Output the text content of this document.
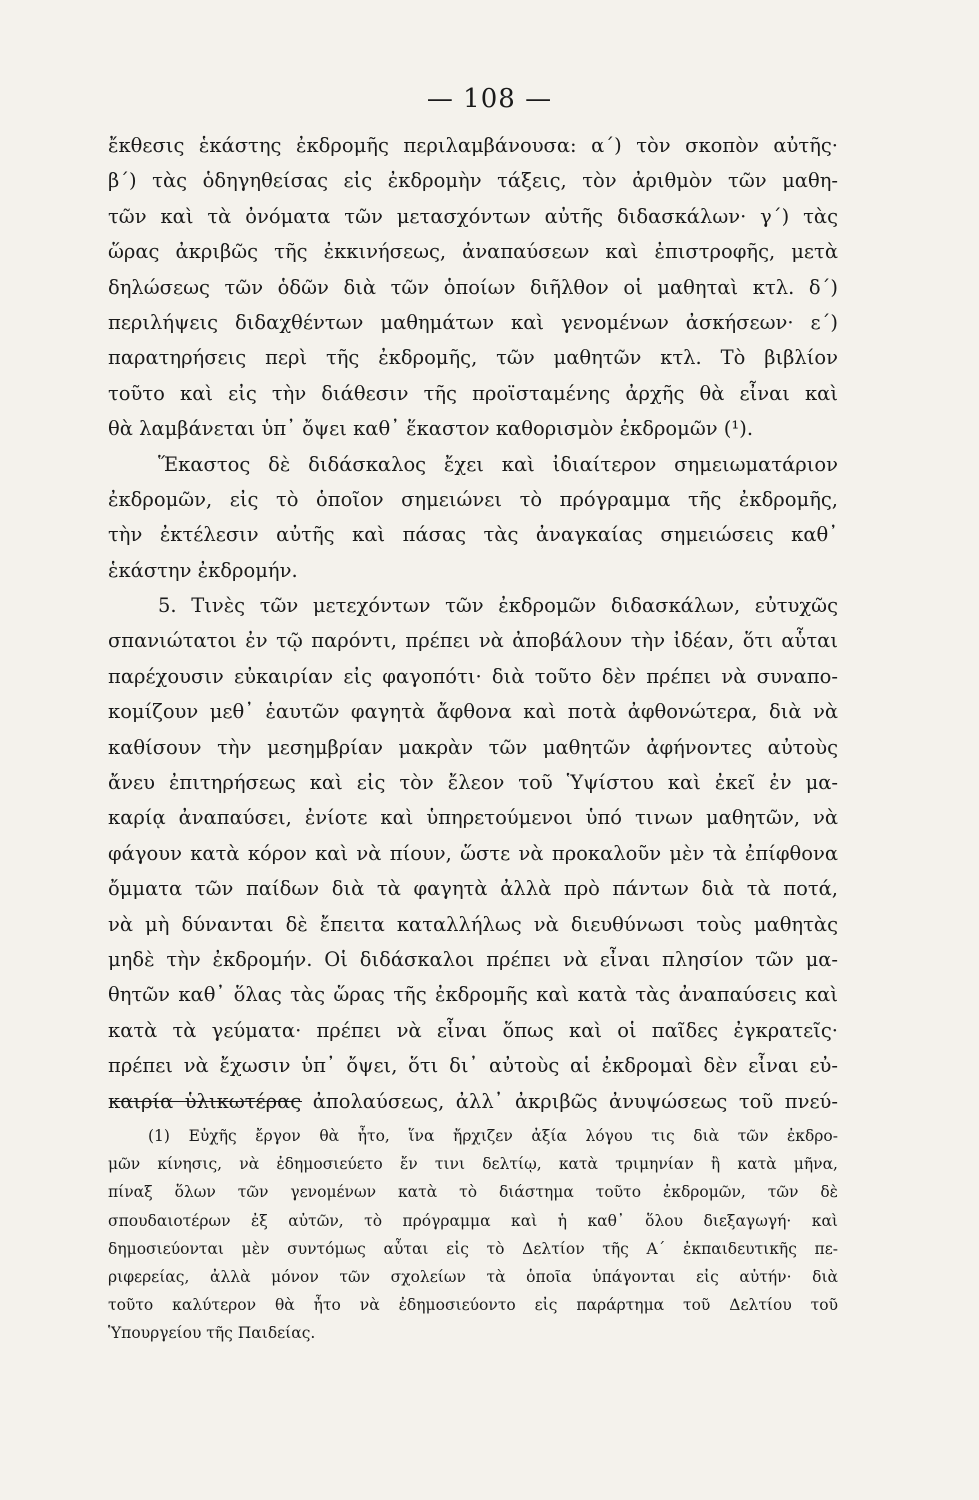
— 108 —
ἔκθεσις ἑκάστης ἐκδρομῆς περιλαμβάνουσα: α΄) τὸν σκοπὸν αὐτῆς·
β΄) τὰς ὁδηγηθείσας εἰς ἐκδρομὴν τάξεις, τὸν ἀριθμὸν τῶν μαθη-
τῶν καὶ τὰ ὀνόματα τῶν μετασχόντων αὐτῆς διδασκάλων· γ΄) τὰς
ὥρας ἀκριβῶς τῆς ἐκκινήσεως, ἀναπαύσεων καὶ ἐπιστροφῆς, μετὰ
δηλώσεως τῶν ὁδῶν διὰ τῶν ὁποίων διῆλθον οἱ μαθηταὶ κτλ. δ΄)
περιλήψεις διδαχθέντων μαθημάτων καὶ γενομένων ἀσκήσεων· ε΄)
παρατηρήσεις περὶ τῆς ἐκδρομῆς, τῶν μαθητῶν κτλ. Τὸ βιβλίον
τοῦτο καὶ εἰς τὴν διάθεσιν τῆς προϊσταμένης ἀρχῆς θὰ εἶναι καὶ
θὰ λαμβάνεται ὑπ᾿ ὄψει καθ᾿ ἕκαστον καθορισμὸν ἐκδρομῶν (¹).
Ἕκαστος δὲ διδάσκαλος ἔχει καὶ ἰδιαίτερον σημειωματάριον
ἐκδρομῶν, εἰς τὸ ὁποῖον σημειώνει τὸ πρόγραμμα τῆς ἐκδρομῆς,
τὴν ἐκτέλεσιν αὐτῆς καὶ πάσας τὰς ἀναγκαίας σημειώσεις καθ᾿
ἑκάστην ἐκδρομήν.
5. Τινὲς τῶν μετεχόντων τῶν ἐκδρομῶν διδασκάλων, εὐτυχῶς
σπανιώτατοι ἐν τῷ παρόντι, πρέπει νὰ ἀποβάλουν τὴν ἰδέαν, ὅτι αὗται
παρέχουσιν εὐκαιρίαν εἰς φαγοπότι· διὰ τοῦτο δὲν πρέπει νὰ συναπο-
κομίζουν μεθ᾿ ἑαυτῶν φαγητὰ ἄφθονα καὶ ποτὰ ἀφθονώτερα, διὰ νὰ
καθίσουν τὴν μεσημβρίαν μακρὰν τῶν μαθητῶν ἀφήνοντες αὐτοὺς
ἄνευ ἐπιτηρήσεως καὶ εἰς τὸν ἔλεον τοῦ Ὑψίστου καὶ ἐκεῖ ἐν μα-
καρίᾳ ἀναπαύσει, ἐνίοτε καὶ ὑπηρετούμενοι ὑπό τινων μαθητῶν, νὰ
φάγουν κατὰ κόρον καὶ νὰ πίουν, ὥστε νὰ προκαλοῦν μὲν τὰ ἐπίφθονα
ὄμματα τῶν παίδων διὰ τὰ φαγητὰ ἀλλὰ πρὸ πάντων διὰ τὰ ποτά,
νὰ μὴ δύνανται δὲ ἔπειτα καταλλήλως νὰ διευθύνωσι τοὺς μαθητὰς
μηδὲ τὴν ἐκδρομήν. Οἱ διδάσκαλοι πρέπει νὰ εἶναι πλησίον τῶν μα-
θητῶν καθ᾿ ὅλας τὰς ὥρας τῆς ἐκδρομῆς καὶ κατὰ τὰς ἀναπαύσεις καὶ
κατὰ τὰ γεύματα· πρέπει νὰ εἶναι ὅπως καὶ οἱ παῖδες ἐγκρατεῖς·
πρέπει νὰ ἔχωσιν ὑπ᾿ ὄψει, ὅτι δι᾿ αὐτοὺς αἱ ἐκδρομαὶ δὲν εἶναι εὐ-
καιρία ὑλικωτέρας ἀπολαύσεως, ἀλλ᾿ ἀκριβῶς ἀνυψώσεως τοῦ πνεύ-
(1) Εὐχῆς ἔργον θὰ ἦτο, ἵνα ἤρχιζεν ἀξία λόγου τις διὰ τῶν ἐκδρο-
μῶν κίνησις, νὰ ἐδημοσιεύετο ἔν τινι δελτίῳ, κατὰ τριμηνίαν ἢ κατὰ μῆνα,
πίναξ ὅλων τῶν γενομένων κατὰ τὸ διάστημα τοῦτο ἐκδρομῶν, τῶν δὲ
σπουδαιοτέρων ἐξ αὐτῶν, τὸ πρόγραμμα καὶ ἡ καθ᾿ ὅλου διεξαγωγή· καὶ
δημοσιεύονται μὲν συντόμως αὗται εἰς τὸ Δελτίον τῆς Α΄ ἐκπαιδευτικῆς πε-
ριφερείας, ἀλλὰ μόνον τῶν σχολείων τὰ ὁποῖα ὑπάγονται εἰς αὐτήν· διὰ
τοῦτο καλύτερον θὰ ἦτο νὰ ἐδημοσιεύοντο εἰς παράρτημα τοῦ Δελτίου τοῦ
Ὑπουργείου τῆς Παιδείας.
